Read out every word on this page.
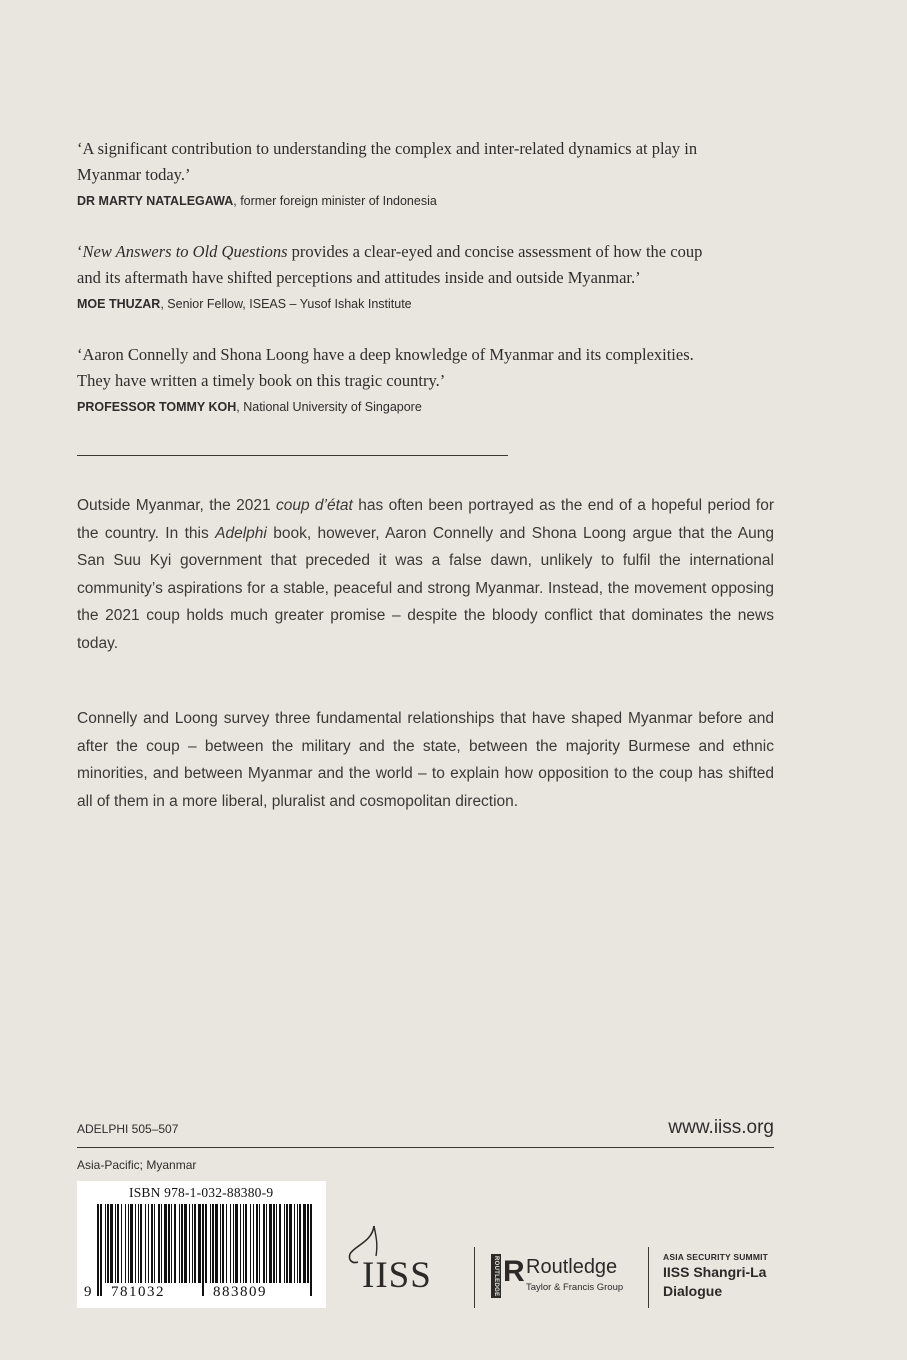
‘A significant contribution to understanding the complex and inter-related dynamics at play in
Myanmar today.’

DR MARTY NATALEGAWA, former foreign minister of Indonesia

‘New Answers to Old Questions provides a clear-eyed and concise assessment of how the coup
and its aftermath have shifted perceptions and attitudes inside and outside Myanmar.’

MOE THUZAR, Senior Fellow, ISEAS – Yusof Ishak Institute

‘Aaron Connelly and Shona Loong have a deep knowledge of Myanmar and its complexities.
They have written a timely book on this tragic country.’

PROFESSOR TOMMY KOH, National University of Singapore

Outside Myanmar, the 2021 coup d’état has often been portrayed as the end of a hopeful period for the country. In this Adelphi book, however, Aaron Connelly and Shona Loong argue that the Aung San Suu Kyi government that preceded it was a false dawn, unlikely to fulfil the international community’s aspirations for a stable, peaceful and strong Myanmar. Instead, the movement opposing the 2021 coup holds much greater promise – despite the bloody conflict that dominates the news today.

Connelly and Loong survey three fundamental relationships that have shaped Myanmar before and after the coup – between the military and the state, between the majority Burmese and ethnic minorities, and between Myanmar and the world – to explain how opposition to the coup has shifted all of them in a more liberal, pluralist and cosmopolitan direction.

ADELPHI 505–507	www.iiss.org
Asia-Pacific; Myanmar
ISBN 978-1-032-88380-9
9 781032	883809	IISS	ROUTLEDGE R Routledge
Taylor & Francis Group
ASIA SECURITY SUMMIT
IISS Shangri-La
Dialogue
